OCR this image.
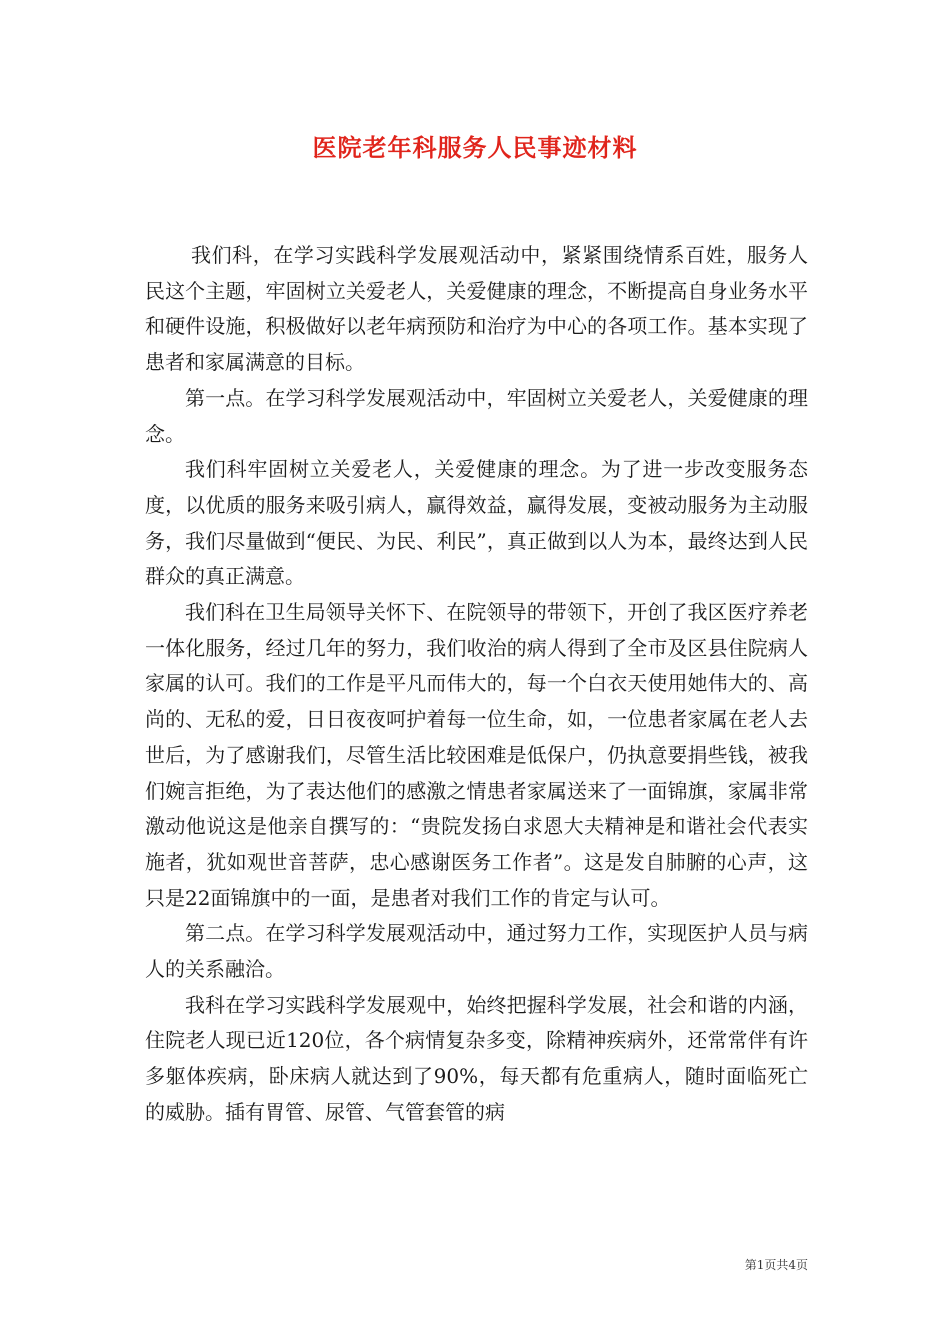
医院老年科服务人民事迹材料

我们科，在学习实践科学发展观活动中，紧紧围绕情系百姓，服务人民这个主题，牢固树立关爱老人，关爱健康的理念，不断提高自身业务水平和硬件设施，积极做好以老年病预防和治疗为中心的各项工作。基本实现了患者和家属满意的目标。

第一点。在学习科学发展观活动中，牢固树立关爱老人，关爱健康的理念。

我们科牢固树立关爱老人，关爱健康的理念。为了进一步改变服务态度，以优质的服务来吸引病人，赢得效益，赢得发展，变被动服务为主动服务，我们尽量做到“便民、为民、利民”，真正做到以人为本，最终达到人民群众的真正满意。

我们科在卫生局领导关怀下、在院领导的带领下，开创了我区医疗养老一体化服务，经过几年的努力，我们收治的病人得到了全市及区县住院病人家属的认可。我们的工作是平凡而伟大的，每一个白衣天使用她伟大的、高尚的、无私的爱，日日夜夜呵护着每一位生命，如，一位患者家属在老人去世后，为了感谢我们，尽管生活比较困难是低保户，仍执意要捐些钱，被我们婉言拒绝，为了表达他们的感激之情患者家属送来了一面锦旗，家属非常激动他说这是他亲自撰写的：“贵院发扬白求恩大夫精神是和谐社会代表实施者，犹如观世音菩萨，忠心感谢医务工作者”。这是发自肺腑的心声，这只是22面锦旗中的一面，是患者对我们工作的肯定与认可。

第二点。在学习科学发展观活动中，通过努力工作，实现医护人员与病人的关系融洽。

我科在学习实践科学发展观中，始终把握科学发展，社会和谐的内涵，住院老人现已近120位，各个病情复杂多变，除精神疾病外，还常常伴有许多躯体疾病，卧床病人就达到了90%，每天都有危重病人，随时面临死亡的威胁。插有胃管、尿管、气管套管的病

第1页共4页
